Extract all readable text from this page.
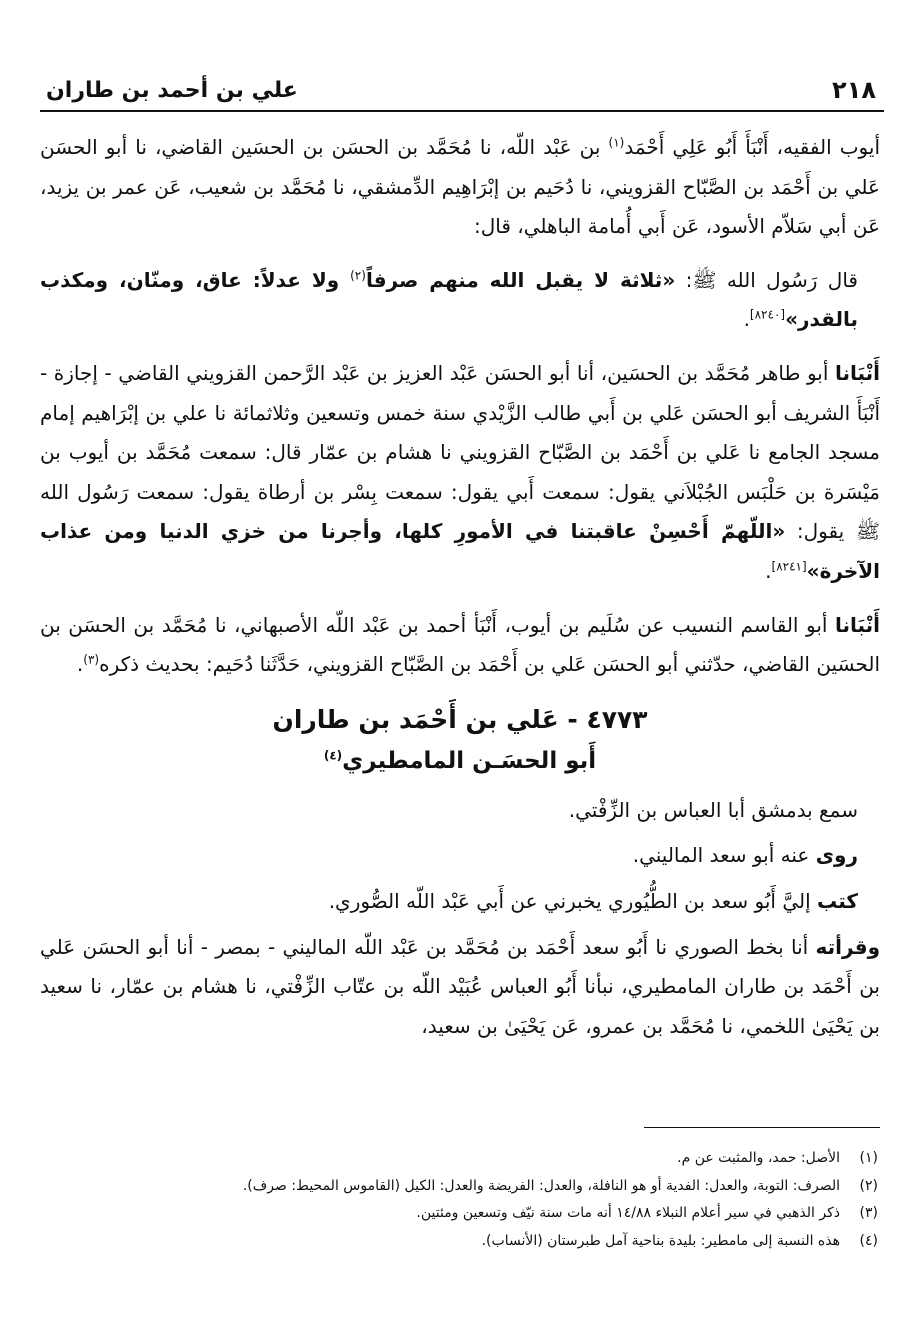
علي بن أحمد بن طاران	٢١٨

أيوب الفقيه، أَنْبَأَ أَبُو عَلِي أَحْمَد$^{(١)}$ بن عَبْد اللّه، نا مُحَمَّد بن الحسَن بن الحسَين القاضي، نا أبو الحسَن عَلي بن أَحْمَد بن الصَّبّاح القزويني، نا دُحَيم بن إبْرَاهِيم الدِّمشقي، نا مُحَمَّد بن شعيب، عَن عمر بن يزيد، عَن أبي سَلاّم الأسود، عَن أَبي أُمامة الباهلي، قال:

قال رَسُول الله ﷺ: «ثلاثة لا يقبل الله منهم صرفاً$^{(٢)}$ ولا عدلاً: عاق، ومنّان، ومكذب بالقدر»[٨٢٤٠].

أَنْبَانا أبو طاهر مُحَمَّد بن الحسَين، أنا أبو الحسَن عَبْد العزيز بن عَبْد الرَّحمن القزويني القاضي - إجازة - أَنْبَأَ الشريف أبو الحسَن عَلي بن أَبي طالب الزَّيْدي سنة خمس وتسعين وثلاثمائة نا علي بن إبْرَاهيم إمام مسجد الجامع نا عَلي بن أَحْمَد بن الصَّبّاح القزويني نا هشام بن عمّار قال: سمعت مُحَمَّد بن أيوب بن مَيْسَرة بن حَلْبَس الجُبْلاَني يقول: سمعت أَبي يقول: سمعت بِسْر بن أرطاة يقول: سمعت رَسُول الله ﷺ يقول: «اللّهمّ أَحْسِنْ عاقبتنا في الأمورِ كلها، وأجرنا من خزي الدنيا ومن عذاب الآخرة»[٨٢٤١].

أَنْبَانا أبو القاسم النسيب عن سُلَيم بن أيوب، أَنْبَأ أحمد بن عَبْد اللّه الأصبهاني، نا مُحَمَّد بن الحسَن بن الحسَين القاضي، حدّثني أبو الحسَن عَلي بن أَحْمَد بن الصَّبّاح القزويني، حَدَّثَنا دُحَيم: بحديث ذكره$^{(٣)}$.

٤٧٧٣ - عَلي بن أَحْمَد بن طاران
أَبو الحسَـن المامطيري$^{(٤)}$

سمع بدمشق أبا العباس بن الزِّفْتي.

روى عنه أبو سعد الماليني.

كتب إليَّ أَبُو سعد بن الطُّيُوري يخبرني عن أَبي عَبْد اللّه الصُّوري.

وقرأته أنا بخط الصوري نا أَبُو سعد أَحْمَد بن مُحَمَّد بن عَبْد اللّه الماليني - بمصر - أنا أبو الحسَن عَلي بن أَحْمَد بن طاران المامطيري، نبأنا أَبُو العباس عُبَيْد اللّه بن عتّاب الزِّفْتي، نا هشام بن عمّار، نا سعيد بن يَحْيَىٰ اللخمي، نا مُحَمَّد بن عمرو، عَن يَحْيَىٰ بن سعيد،

(١)
الأصل: حمد، والمثبت عن م.
(٢)
الصرف: التوبة، والعدل: الفدية أو هو النافلة، والعدل: الفريضة والعدل: الكيل (القاموس المحيط: صرف).
(٣)
ذكر الذهبي في سير أعلام النبلاء ١٤/٨٨ أنه مات سنة نيّف وتسعين ومئتين.
(٤)
هذه النسبة إلى مامطير: بليدة بناحية آمل طبرستان (الأنساب).
